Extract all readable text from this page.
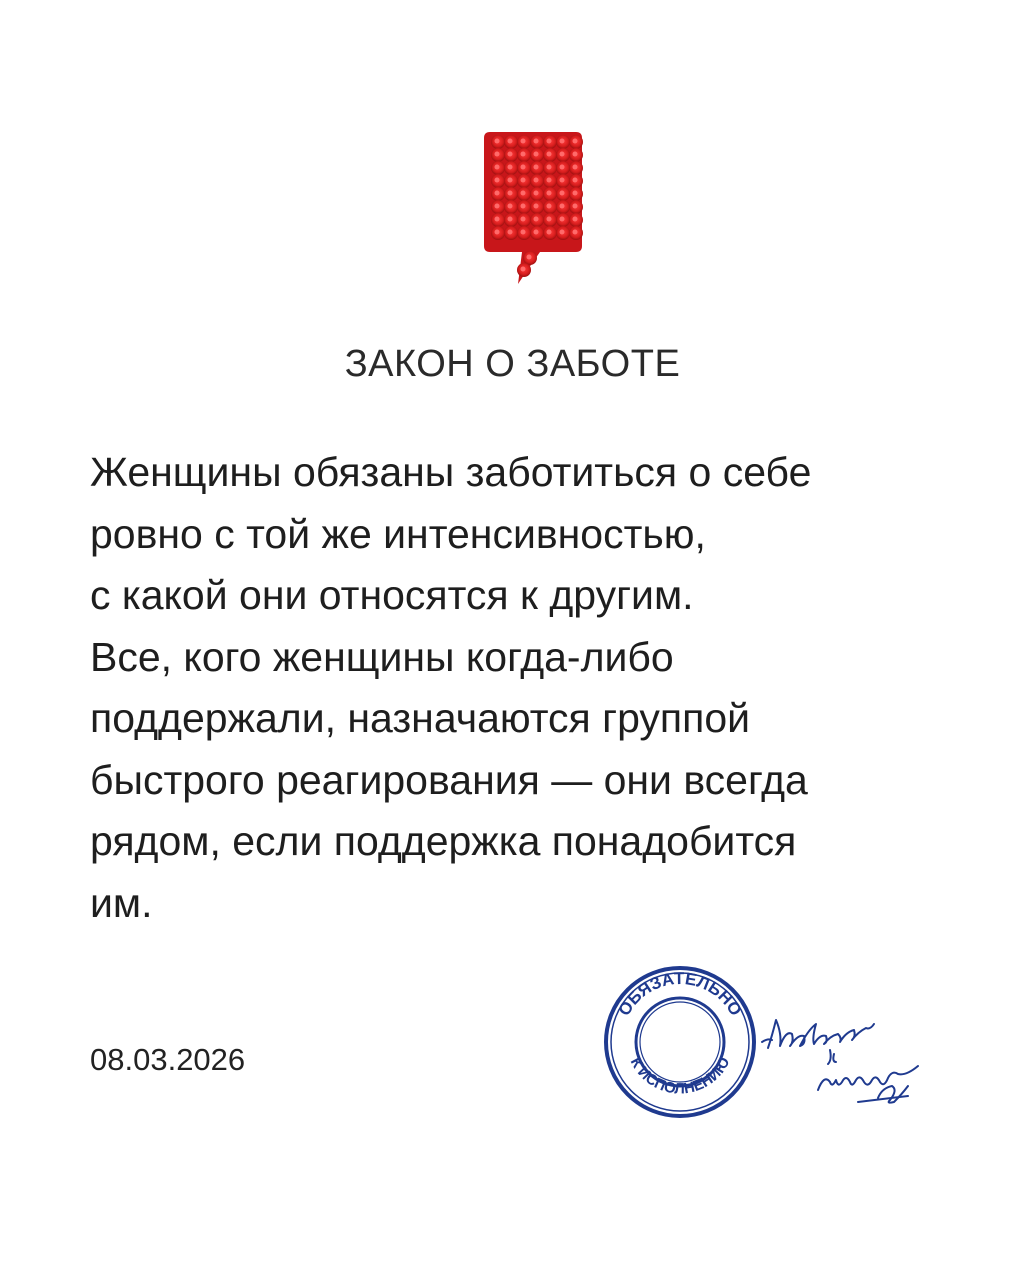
ЗАКОН О ЗАБОТЕ
Женщины обязаны заботиться о себе
ровно с той же интенсивностью,
с какой они относятся к другим.
Все, кого женщины когда-либо
поддержали, назначаются группой
быстрого реагирования — они всегда
рядом, если поддержка понадобится
им.
08.03.2026
ОБЯЗАТЕЛЬНО
К ИСПОЛНЕНИЮ
